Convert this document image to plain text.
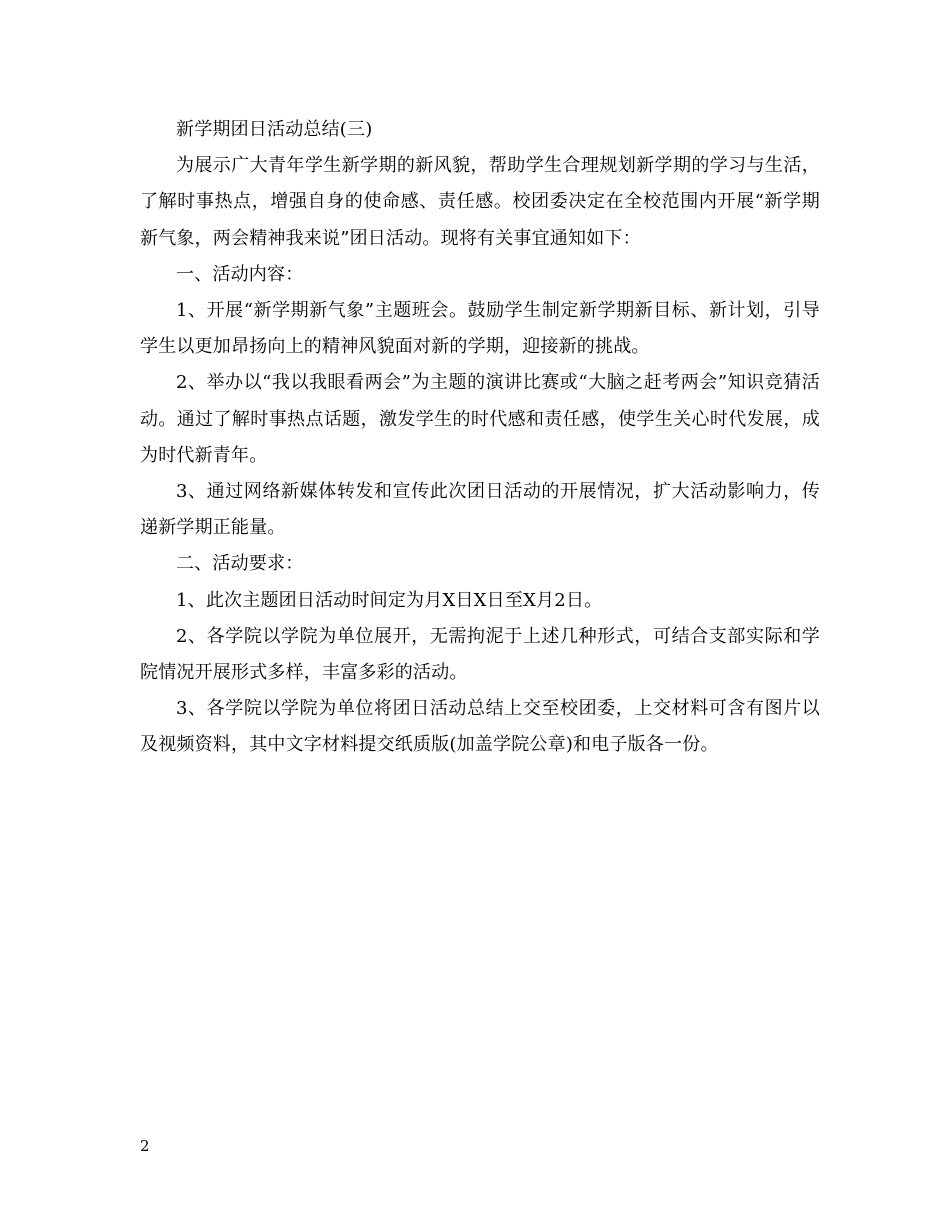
新学期团日活动总结(三)

为展示广大青年学生新学期的新风貌，帮助学生合理规划新学期的学习与生活，了解时事热点，增强自身的使命感、责任感。校团委决定在全校范围内开展“新学期新气象，两会精神我来说”团日活动。现将有关事宜通知如下：

一、活动内容：

1、开展“新学期新气象”主题班会。鼓励学生制定新学期新目标、新计划，引导学生以更加昂扬向上的精神风貌面对新的学期，迎接新的挑战。

2、举办以“我以我眼看两会”为主题的演讲比赛或“大脑之赶考两会”知识竞猜活动。通过了解时事热点话题，激发学生的时代感和责任感，使学生关心时代发展，成为时代新青年。

3、通过网络新媒体转发和宣传此次团日活动的开展情况，扩大活动影响力，传递新学期正能量。

二、活动要求：

1、此次主题团日活动时间定为月X日X日至X月2日。

2、各学院以学院为单位展开，无需拘泥于上述几种形式，可结合支部实际和学院情况开展形式多样，丰富多彩的活动。

3、各学院以学院为单位将团日活动总结上交至校团委，上交材料可含有图片以及视频资料，其中文字材料提交纸质版(加盖学院公章)和电子版各一份。

2
